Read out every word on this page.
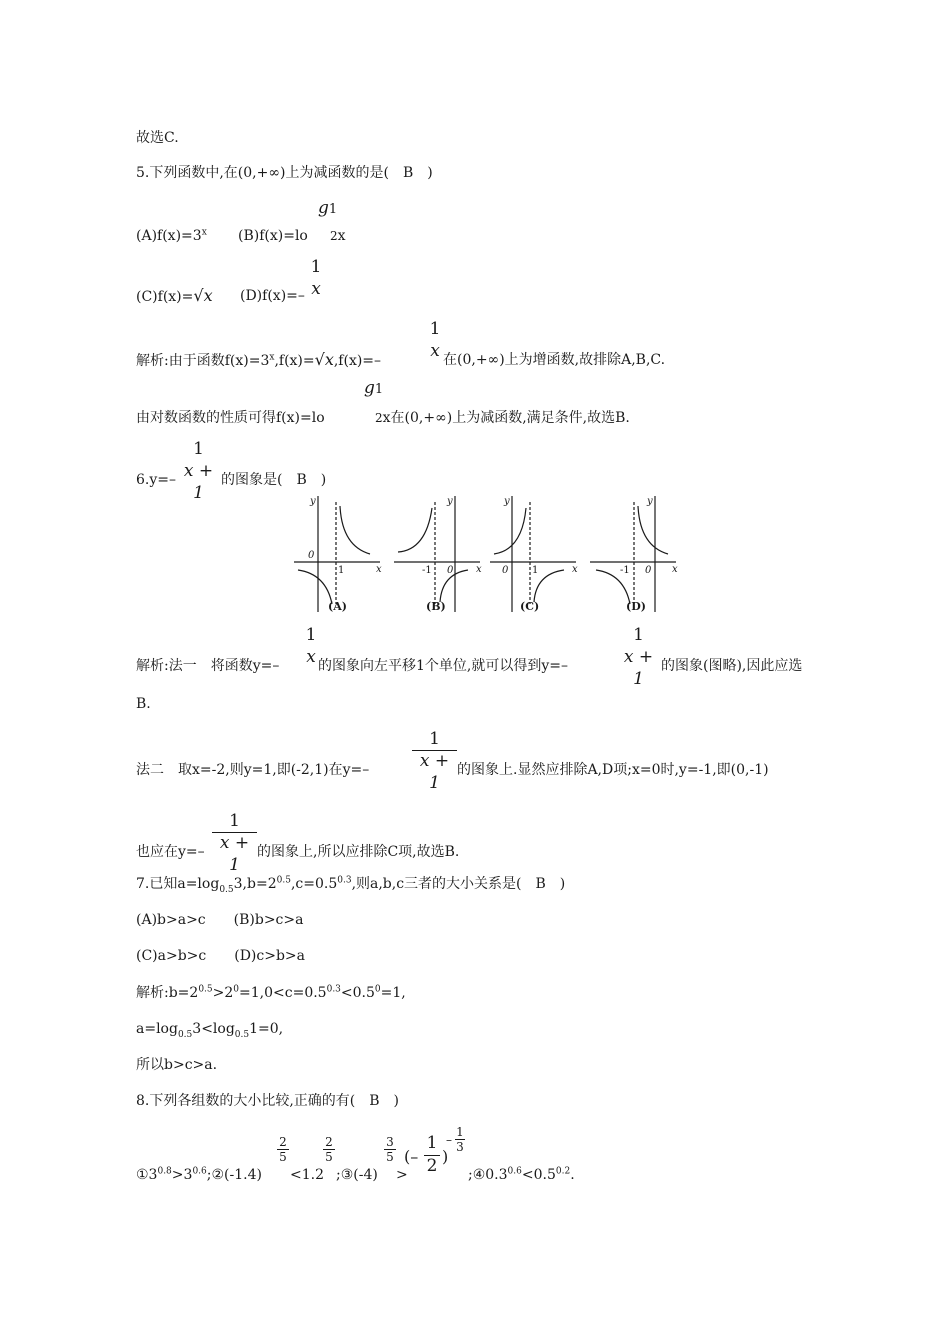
故选C.
5.下列函数中,在(0,+∞)上为减函数的是(　B　)
$(A)f(x)=3^x$ (B)f(x)=lo
g1
2x
(C)f(x)=√x (D)f(x)=–
1
x
解析:由于函数$f(x)=3^x,f(x)=√x,f(x)=-$
1
x 在(0,+∞)上为增函数,故排除A,B,C.
由对数函数的性质可得f(x)=lo
g1
2x在(0,+∞)上为减函数,满足条件,故选B.
6.y=–
1
x + 1
的图象是(　B　)
y
x
0
1
y
x
0
-1
y
x
0 1
y
x
0
-1
(A)	(B)	(C)	(D)
解析:法一　将函数y=–
1
x 的图象向左平移1个单位,就可以得到y=–
1
x + 1
的图象(图略),因此应选
B.
法二　取x=-2,则y=1,即(-2,1)在y=–
1
x + 1
的图象上.显然应排除A,D项;x=0时,y=-1,即(0,-1)
也应在y=–
1
x + 1
的图象上,所以应排除C项,故选B.
7.已知$a=\log_{0.5}3,b=2^{0.5},c=0.5^{0.3}$,则a,b,c三者的大小关系是(　B　)
(A)b>a>c　　(B)b>c>a
(C)a>b>c　　(D)c>b>a
解析$:b=2^{0.5}>2^0=1,0<c=0.5^{0.3}<0.5^0=1$,
$a=\log_{0.5}3<\log_{0.5}1=0$,
所以b>c>a.
8.下列各组数的大小比较,正确的有(　B　)
$①3^{0.8}>3^{0.6};②(-1.4)$
$\frac{2}{5}$
<1.2
$\frac{2}{5}$
;③(-4)
$\frac{3}{5}$
>
(–
1
2 )
–
1
3
$;④0.3^{0.6}<0.5^{0.2}$.
